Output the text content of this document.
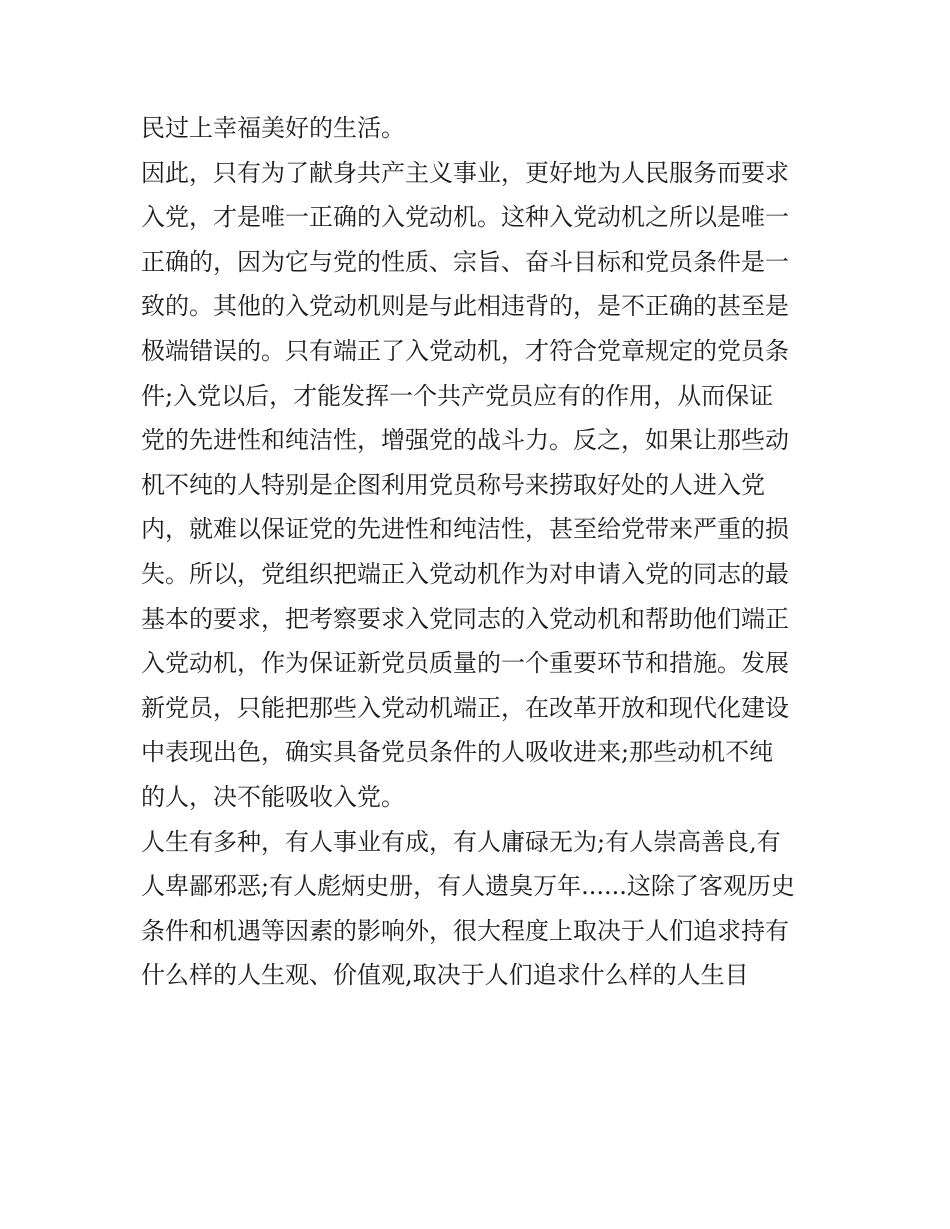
民过上幸福美好的生活。
因此，只有为了献身共产主义事业，更好地为人民服务而要求
入党，才是唯一正确的入党动机。这种入党动机之所以是唯一
正确的，因为它与党的性质、宗旨、奋斗目标和党员条件是一
致的。其他的入党动机则是与此相违背的，是不正确的甚至是
极端错误的。只有端正了入党动机，才符合党章规定的党员条
件;入党以后，才能发挥一个共产党员应有的作用，从而保证
党的先进性和纯洁性，增强党的战斗力。反之，如果让那些动
机不纯的人特别是企图利用党员称号来捞取好处的人进入党
内，就难以保证党的先进性和纯洁性，甚至给党带来严重的损
失。所以，党组织把端正入党动机作为对申请入党的同志的最
基本的要求，把考察要求入党同志的入党动机和帮助他们端正
入党动机，作为保证新党员质量的一个重要环节和措施。发展
新党员，只能把那些入党动机端正，在改革开放和现代化建设
中表现出色，确实具备党员条件的人吸收进来;那些动机不纯
的人，决不能吸收入党。
人生有多种，有人事业有成，有人庸碌无为;有人崇高善良,有
人卑鄙邪恶;有人彪炳史册，有人遗臭万年......这除了客观历史
条件和机遇等因素的影响外，很大程度上取决于人们追求持有
什么样的人生观、价值观,取决于人们追求什么样的人生目
